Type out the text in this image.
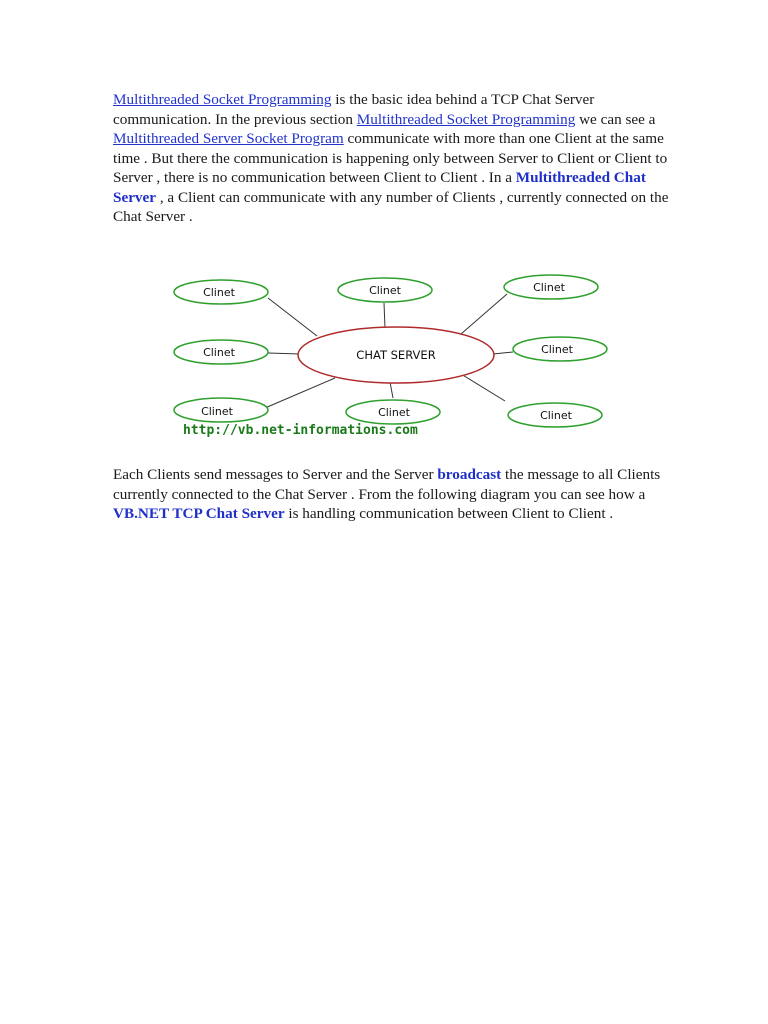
Multithreaded Socket Programming is the basic idea behind a TCP Chat Server communication. In the previous section Multithreaded Socket Programming we can see a Multithreaded Server Socket Program communicate with more than one Client at the same time . But there the communication is happening only between Server to Client or Client to Server , there is no communication between Client to Client . In a Multithreaded Chat Server , a Client can communicate with any number of Clients , currently connected on the Chat Server .

CHAT SERVER
Clinet	Clinet	Clinet
Clinet	Clinet
Clinet	Clinet	Clinet
http://vb.net-informations.com

Each Clients send messages to Server and the Server broadcast the message to all Clients currently connected to the Chat Server . From the following diagram you can see how a VB.NET TCP Chat Server is handling communication between Client to Client .
